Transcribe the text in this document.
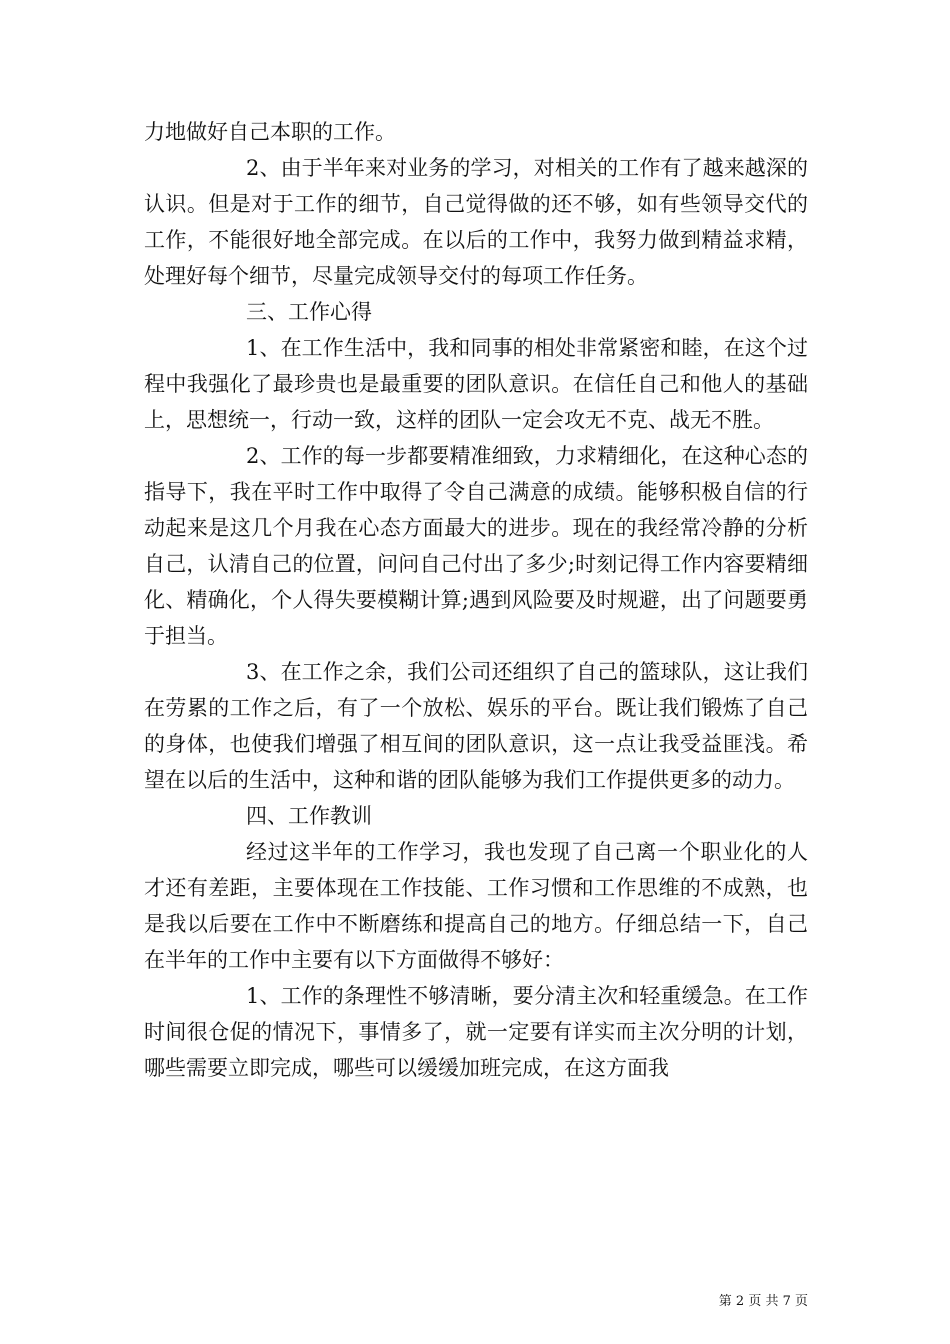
力地做好自己本职的工作。

2、由于半年来对业务的学习，对相关的工作有了越来越深的认识。但是对于工作的细节，自己觉得做的还不够，如有些领导交代的工作，不能很好地全部完成。在以后的工作中，我努力做到精益求精，处理好每个细节，尽量完成领导交付的每项工作任务。

三、工作心得

1、在工作生活中，我和同事的相处非常紧密和睦，在这个过程中我强化了最珍贵也是最重要的团队意识。在信任自己和他人的基础上，思想统一，行动一致，这样的团队一定会攻无不克、战无不胜。

2、工作的每一步都要精准细致，力求精细化，在这种心态的指导下，我在平时工作中取得了令自己满意的成绩。能够积极自信的行动起来是这几个月我在心态方面最大的进步。现在的我经常冷静的分析自己，认清自己的位置，问问自己付出了多少;时刻记得工作内容要精细化、精确化，个人得失要模糊计算;遇到风险要及时规避，出了问题要勇于担当。

3、在工作之余，我们公司还组织了自己的篮球队，这让我们在劳累的工作之后，有了一个放松、娱乐的平台。既让我们锻炼了自己的身体，也使我们增强了相互间的团队意识，这一点让我受益匪浅。希望在以后的生活中，这种和谐的团队能够为我们工作提供更多的动力。

四、工作教训

经过这半年的工作学习，我也发现了自己离一个职业化的人才还有差距，主要体现在工作技能、工作习惯和工作思维的不成熟，也是我以后要在工作中不断磨练和提高自己的地方。仔细总结一下，自己在半年的工作中主要有以下方面做得不够好：

1、工作的条理性不够清晰，要分清主次和轻重缓急。在工作时间很仓促的情况下，事情多了，就一定要有详实而主次分明的计划，哪些需要立即完成，哪些可以缓缓加班完成，在这方面我

第 2 页 共 7 页
